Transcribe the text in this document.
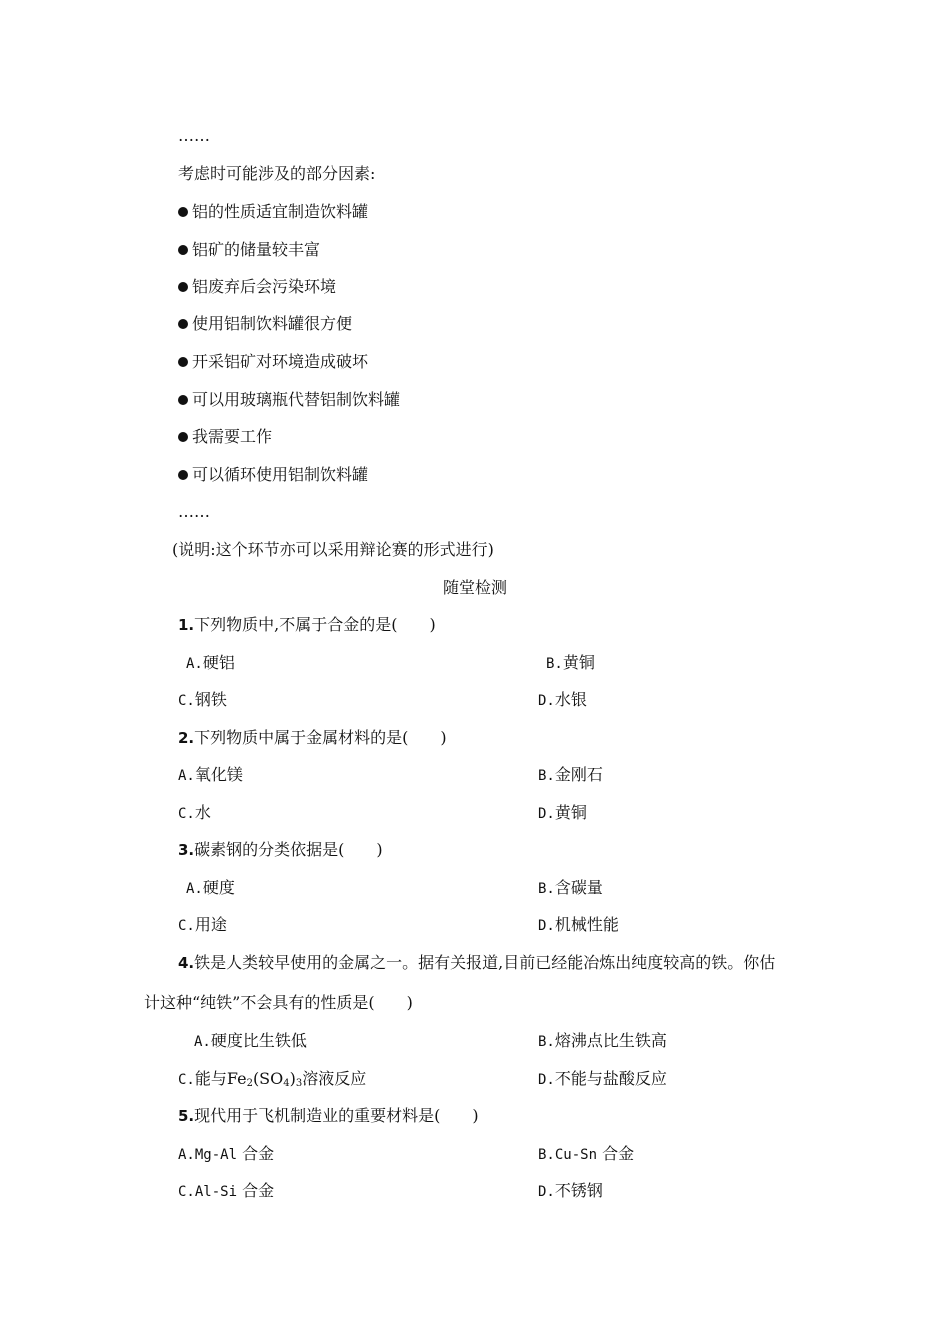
……
考虑时可能涉及的部分因素:
铝的性质适宜制造饮料罐
铝矿的储量较丰富
铝废弃后会污染环境
使用铝制饮料罐很方便
开采铝矿对环境造成破坏
可以用玻璃瓶代替铝制饮料罐
我需要工作
可以循环使用铝制饮料罐
……
(说明:这个环节亦可以采用辩论赛的形式进行)
随堂检测
1.下列物质中,不属于合金的是(　　)
A.硬铝	B.黄铜
C.钢铁	D.水银
2.下列物质中属于金属材料的是(　　)
A.氧化镁	B.金刚石
C.水	D.黄铜
3.碳素钢的分类依据是(　　)
A.硬度	B.含碳量
C.用途	D.机械性能
4.铁是人类较早使用的金属之一。据有关报道,目前已经能冶炼出纯度较高的铁。你估
计这种“纯铁”不会具有的性质是(　　)
A.硬度比生铁低	B.熔沸点比生铁高
C.能与$Fe_2(SO_4)_3$溶液反应	D.不能与盐酸反应
5.现代用于飞机制造业的重要材料是(　　)
A.Mg-Al 合金	B.Cu-Sn 合金
C.Al-Si 合金	D.不锈钢
